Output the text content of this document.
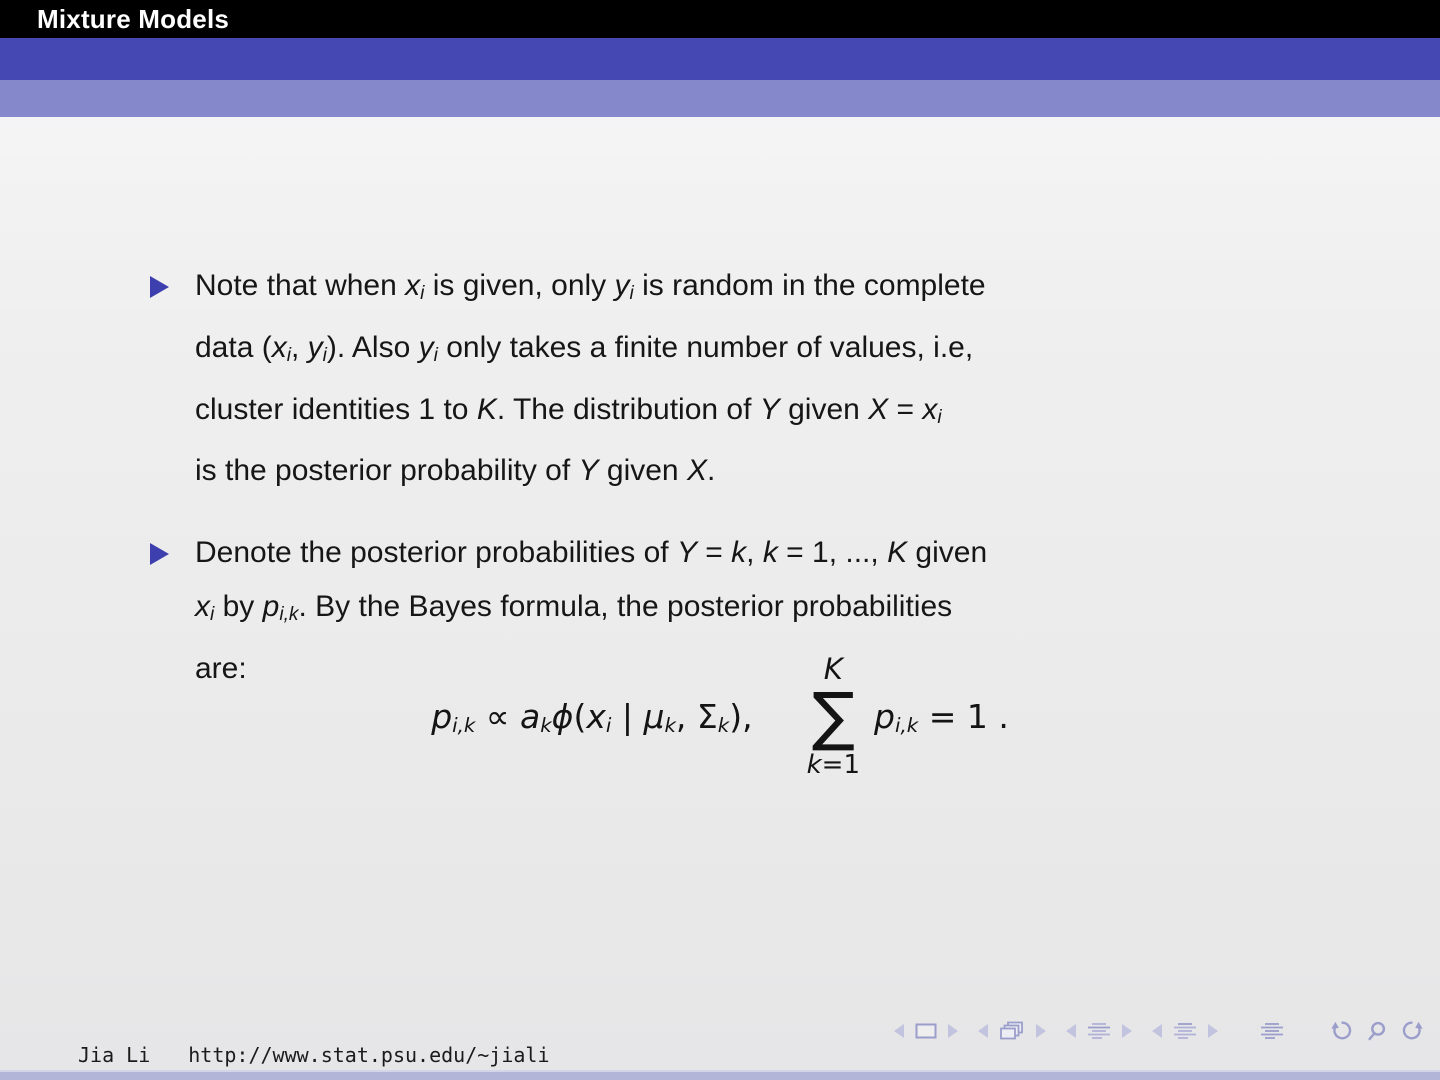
Mixture Models

Note that when xi is given, only yi is random in the complete
data (xi, yi). Also yi only takes a finite number of values, i.e,
cluster identities 1 to K. The distribution of Y given X = xi
is the posterior probability of Y given X.

Denote the posterior probabilities of Y = k, k = 1, ..., K given
xi by pi,k. By the Bayes formula, the posterior probabilities
are:

pi,k ∝ akϕ(xi | μk, Σk),
K
∑
k=1
pi,k = 1 .
Jia Li http://www.stat.psu.edu/~jiali
